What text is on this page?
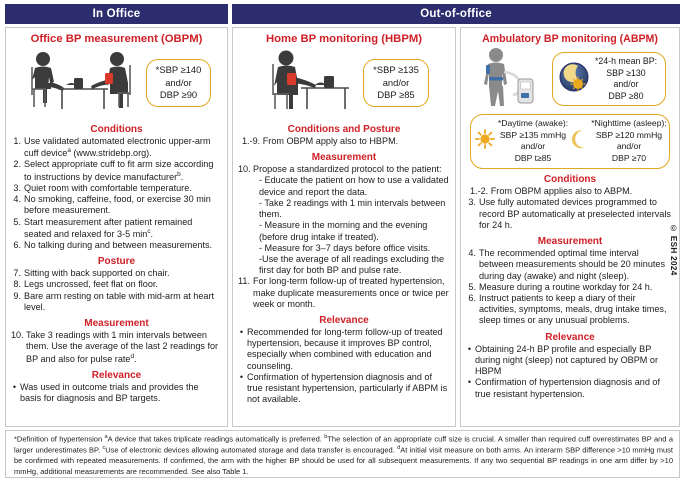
In Office	Out-of-office
Office BP measurement (OBPM)
*SBP ≥140
and/or
DBP ≥90
Conditions
1. Use validated automated electronic upper-arm cuff device$^a$ (www.stridebp.org).
2. Select appropriate cuff to fit arm size according to instructions by device manufacturer$^b$.
3. Quiet room with comfortable temperature.
4. No smoking, caffeine, food, or exercise 30 min before measurement.
5. Start measurement after patient remained seated and relaxed for 3-5 $\min^c$.
6. No talking during and between measurements.
Posture
7. Sitting with back supported on chair.
8. Legs uncrossed, feet flat on floor.
9. Bare arm resting on table with mid-arm at heart level.
Measurement
10. Take 3 readings with 1 min intervals between them. Use the average of the last 2 readings for BP and also for pulse rate$^d$.
Relevance
• Was used in outcome trials and provides the basis for diagnosis and BP targets.
Home BP monitoring (HBPM)
*SBP ≥135
and/or
DBP ≥85
Conditions and Posture
1.-9. From OBPM apply also to HBPM.
Measurement
10. Propose a standardized protocol to the patient:
- Educate the patient on how to use a validated device and report the data.
- Take 2 readings with 1 min intervals between them.
- Measure in the morning and the evening (before drug intake if treated).
- Measure for 3–7 days before office visits.
-Use the average of all readings excluding the first day for both BP and pulse rate.
11. For long-term follow-up of treated hypertension, make duplicate measurements once or twice per week or month.
Relevance
• Recommended for long-term follow-up of treated hypertension, because it improves BP control, especially when combined with education and counseling.
• Confirmation of hypertension diagnosis and of true resistant hypertension, particularly if ABPM is not available.
Ambulatory BP monitoring (ABPM)
*24-h mean BP:
SBP ≥130
and/or
DBP ≥80
*Daytime (awake):
SBP ≥135 mmHg
and/or
DBP t≥85
*Nighttime (asleep):
SBP ≥120 mmHg
and/or
DBP ≥70
Conditions
1.-2. From OBPM applies also to ABPM.
3. Use fully automated devices programmed to record BP automatically at preselected intervals for 24 h.
Measurement
4. The recommended optimal time interval between measurements should be 20 minutes during day (awake) and night (sleep).
5. Measure during a routine workday for 24 h.
6. Instruct patients to keep a diary of their activities, symptoms, meals, drug intake times, sleep times or any unusual problems.
Relevance
• Obtaining 24-h BP profile and especially BP during night (sleep) not captured by OBPM or HBPM
• Confirmation of hypertension diagnosis and of true resistant hypertension.
© ESH 2024
*Definition of hypertension $^a$A device that takes triplicate readings automatically is preferred. $^b$The selection of an appropriate cuff size is crucial. A smaller than required cuff overestimates BP and a larger underestimates BP. $^c$Use of electronic devices allowing automated storage and data transfer is encouraged. $^d$At initial visit measure on both arms. An interarm SBP difference >10 mmHg must be confirmed with repeated measurements. If confirmed, the arm with the higher BP should be used for all subsequent measurements. If any two sequential BP readings in one arm differ by >10 mmHg, additional measurements are recommended. See also Table 1.
